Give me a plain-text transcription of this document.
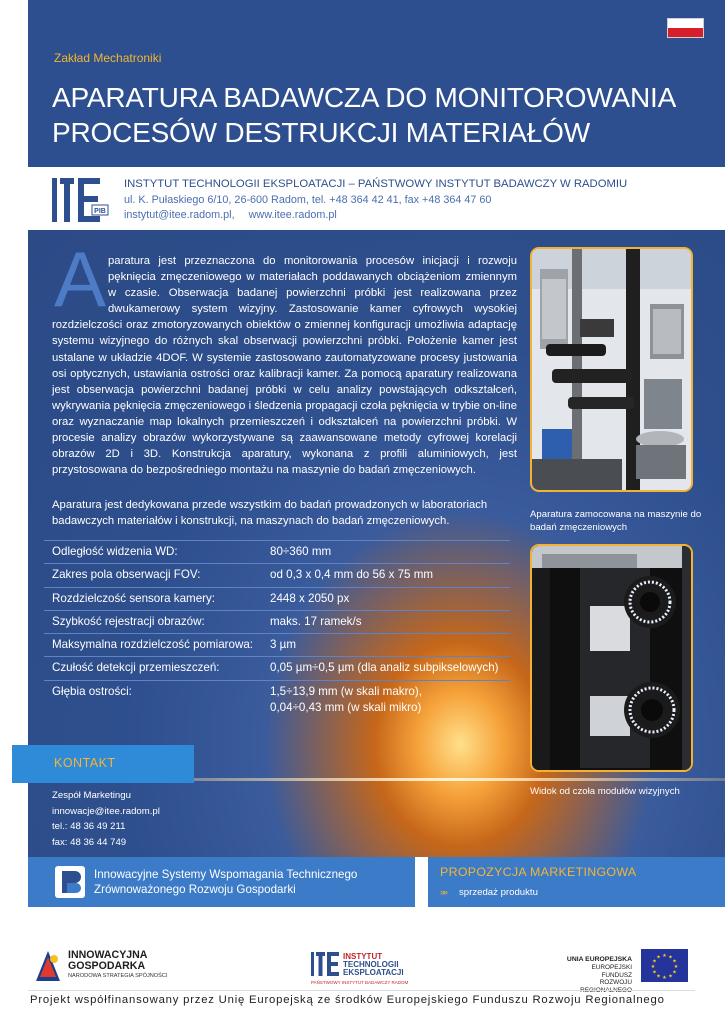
Zakład Mechatroniki
APARATURA BADAWCZA DO MONITOROWANIA
PROCESÓW DESTRUKCJI MATERIAŁÓW
PIB
INSTYTUT TECHNOLOGII EKSPLOATACJI – PAŃSTWOWY INSTYTUT BADAWCZY W RADOMIU
ul. K. Pułaskiego 6/10, 26-600 Radom, tel. +48 364 42 41, fax +48 364 47 60
instytut@itee.radom.pl, www.itee.radom.pl
A paratura jest przeznaczona do monitorowania procesów inicjacji i rozwoju pęknięcia zmęczeniowego w materiałach poddawanych obciążeniom zmiennym w czasie. Obserwacja badanej powierzchni próbki jest realizowana przez dwukamerowy system wizyjny. Zastosowanie kamer cyfrowych wysokiej rozdzielczości oraz zmotoryzowanych obiektów o zmiennej konfiguracji umożliwia adaptację systemu wizyjnego do różnych skal obserwacji powierzchni próbki. Położenie kamer jest ustalane w układzie 4DOF. W systemie zastosowano zautomatyzowane procesy justowania osi optycznych, ustawiania ostrości oraz kalibracji kamer. Za pomocą aparatury realizowana jest obserwacja powierzchni badanej próbki w celu analizy powstających odkształceń, wykrywania pęknięcia zmęczeniowego i śledzenia propagacji czoła pęknięcia w trybie on-line oraz wyznaczanie map lokalnych przemieszczeń i odkształceń na powierzchni próbki. W procesie analizy obrazów wykorzystywane są zaawansowane metody cyfrowej korelacji obrazów 2D i 3D. Konstrukcja aparatury, wykonana z profili aluminiowych, jest przystosowana do bezpośredniego montażu na maszynie do badań zmęczeniowych.
Aparatura jest dedykowana przede wszystkim do badań prowadzonych w laboratoriach badawczych materiałów i konstrukcji, na maszynach do badań zmęczeniowych.
Odległość widzenia WD:	80÷360 mm
Zakres pola obserwacji FOV:	od 0,3 x 0,4 mm do 56 x 75 mm
Rozdzielczość sensora kamery:	2448 x 2050 px
Szybkość rejestracji obrazów:	maks. 17 ramek/s
Maksymalna rozdzielczość pomiarowa: 3 µm
Czułość detekcji przemieszczeń:	0,05 µm÷0,5 µm (dla analiz subpikselowych)
Głębia ostrości:	1,5÷13,9 mm (w skali makro),
0,04÷0,43 mm (w skali mikro)
Aparatura zamocowana na maszynie do badań zmęczeniowych
Widok od czoła modułów wizyjnych
KONTAKT
Zespół Marketingu
innowacje@itee.radom.pl
tel.: 48 36 49 211
fax: 48 36 44 749
Innowacyjne Systemy Wspomagania Technicznego
Zrównoważonego Rozwoju Gospodarki
PROPOZYCJA MARKETINGOWA
»» sprzedaż produktu
INNOWACYJNA
GOSPODARKA
NARODOWA STRATEGIA SPÓJNOŚCI
INSTYTUT
TECHNOLOGII
EKSPLOATACJI
PAŃSTWOWY INSTYTUT BADAWCZY RADOM
UNIA EUROPEJSKA
EUROPEJSKI FUNDUSZ
ROZWOJU
★ ★
★
★
★
★
★
★
★
★
★
★
Projekt współfinansowany przez Unię Europejską ze środków Europejskiego Funduszu Rozwoju Regionalnego
